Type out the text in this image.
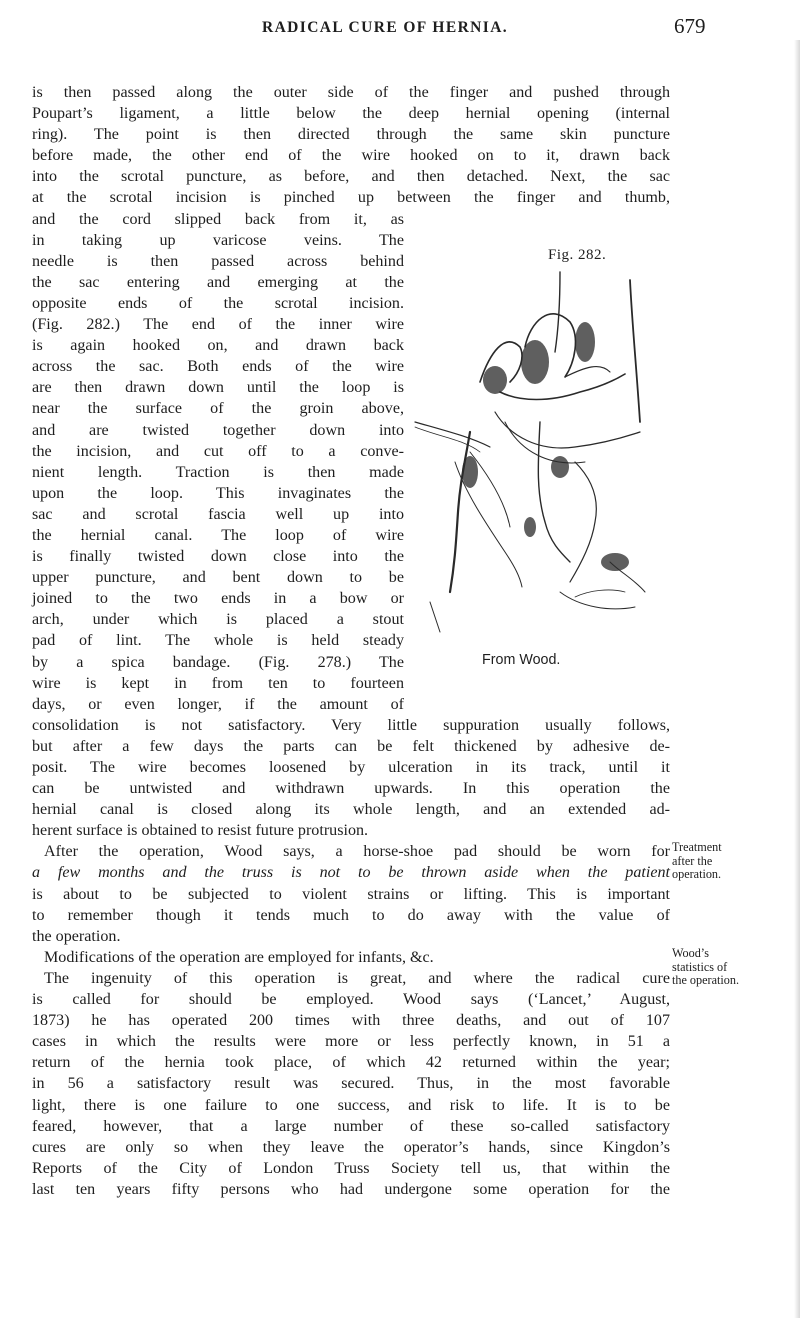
RADICAL CURE OF HERNIA.	679
Fig. 282.
From Wood.
is then passed along the outer side of the finger and pushed through
Poupart’s ligament, a little below the deep hernial opening (internal
ring). The point is then directed through the same skin puncture
before made, the other end of the wire hooked on to it, drawn back
into the scrotal puncture, as before, and then detached. Next, the sac
at the scrotal incision is pinched up between the finger and thumb,
and the cord slipped back from it, as
in taking up varicose veins. The
needle is then passed across behind
the sac entering and emerging at the
opposite ends of the scrotal incision.
(Fig. 282.) The end of the inner wire
is again hooked on, and drawn back
across the sac. Both ends of the wire
are then drawn down until the loop is
near the surface of the groin above,
and are twisted together down into
the incision, and cut off to a conve-
nient length. Traction is then made
upon the loop. This invaginates the
sac and scrotal fascia well up into
the hernial canal. The loop of wire
is finally twisted down close into the
upper puncture, and bent down to be
joined to the two ends in a bow or
arch, under which is placed a stout
pad of lint. The whole is held steady
by a spica bandage. (Fig. 278.) The
wire is kept in from ten to fourteen
days, or even longer, if the amount of
consolidation is not satisfactory. Very little suppuration usually follows,
but after a few days the parts can be felt thickened by adhesive de-
posit. The wire becomes loosened by ulceration in its track, until it
can be untwisted and withdrawn upwards. In this operation the
hernial canal is closed along its whole length, and an extended ad-
herent surface is obtained to resist future protrusion.
After the operation, Wood says, a horse-shoe pad should be worn for
a few months and the truss is not to be thrown aside when the patient
is about to be subjected to violent strains or lifting. This is important
to remember though it tends much to do away with the value of
the operation.
Modifications of the operation are employed for infants, &c.
The ingenuity of this operation is great, and where the radical cure
is called for should be employed. Wood says (‘Lancet,’ August,
1873) he has operated 200 times with three deaths, and out of 107
cases in which the results were more or less perfectly known, in 51 a
return of the hernia took place, of which 42 returned within the year;
in 56 a satisfactory result was secured. Thus, in the most favorable
light, there is one failure to one success, and risk to life. It is to be
feared, however, that a large number of these so-called satisfactory
cures are only so when they leave the operator’s hands, since Kingdon’s
Reports of the City of London Truss Society tell us, that within the
last ten years fifty persons who had undergone some operation for the
Treatment
after the
operation.
Wood’s
statistics of
the operation.
